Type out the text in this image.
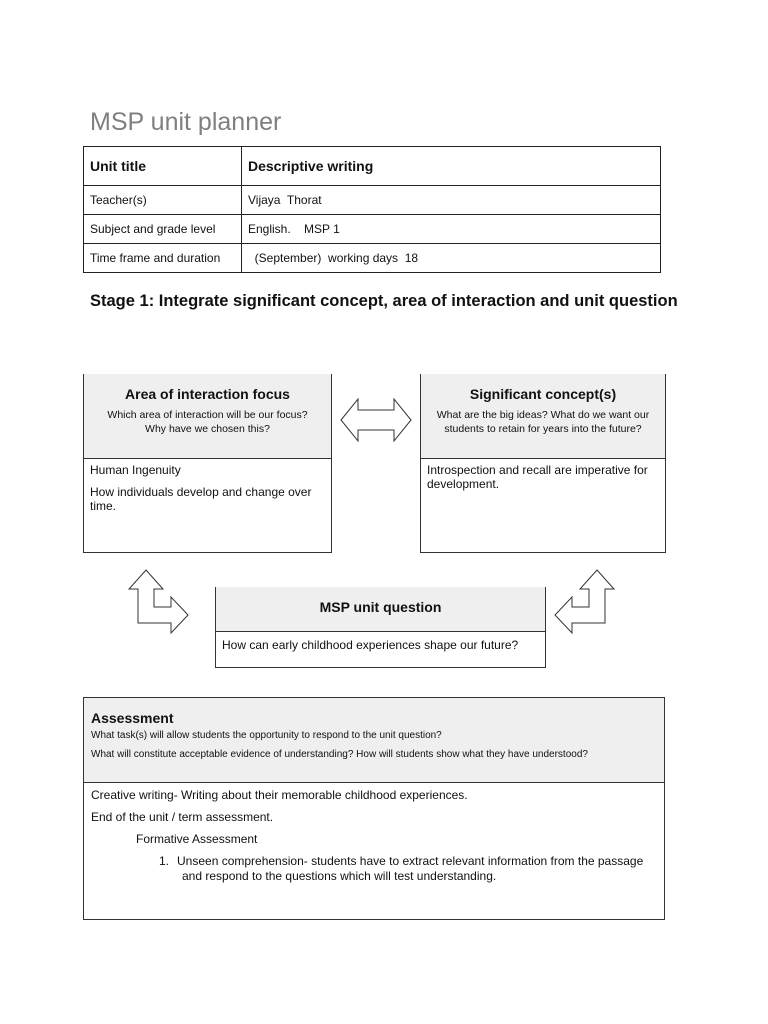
MSP unit planner
Unit title	Descriptive writing
Teacher(s)	Vijaya  Thorat
Subject and grade level	English.    MSP 1
Time frame and duration	(September)  working days  18
Stage 1: Integrate significant concept, area of interaction and unit question
Area of interaction focus
Which area of interaction will be our focus? Why have we chosen this?

Human Ingenuity

How individuals develop and change over time.

Significant concept(s)
What are the big ideas? What do we want our students to retain for years into the future?

Introspection and recall are imperative for development.

MSP unit question
How can early childhood experiences shape our future?
Assessment
What task(s) will allow students the opportunity to respond to the unit question?
What will constitute acceptable evidence of understanding? How will students show what they have understood?

Creative writing- Writing about their memorable childhood experiences.

End of the unit / term assessment.

Formative Assessment

1. Unseen comprehension- students have to extract relevant information from the passage
and respond to the questions which will test understanding.
